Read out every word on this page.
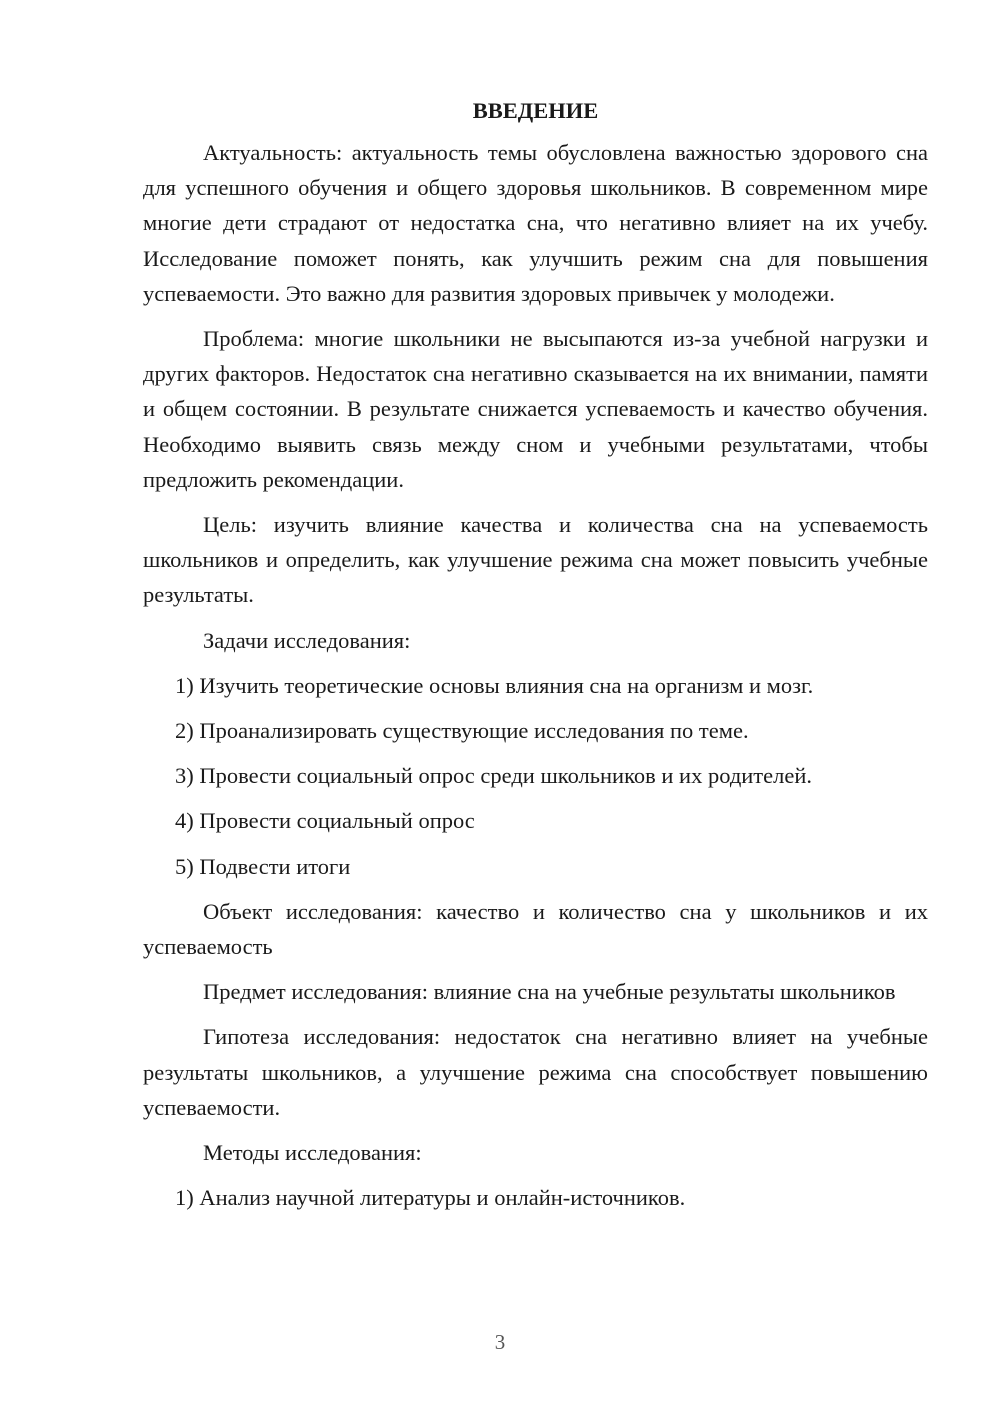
ВВЕДЕНИЕ

Актуальность: актуальность темы обусловлена важностью здорового сна для успешного обучения и общего здоровья школьников. В современном мире многие дети страдают от недостатка сна, что негативно влияет на их учебу. Исследование поможет понять, как улучшить режим сна для повышения успеваемости. Это важно для развития здоровых привычек у молодежи.

Проблема: многие школьники не высыпаются из-за учебной нагрузки и других факторов. Недостаток сна негативно сказывается на их внимании, памяти и общем состоянии. В результате снижается успеваемость и качество обучения. Необходимо выявить связь между сном и учебными результатами, чтобы предложить рекомендации.

Цель: изучить влияние качества и количества сна на успеваемость школьников и определить, как улучшение режима сна может повысить учебные результаты.

Задачи исследования:

1) Изучить теоретические основы влияния сна на организм и мозг.
2) Проанализировать существующие исследования по теме.
3) Провести социальный опрос среди школьников и их родителей.
4) Провести социальный опрос
5) Подвести итоги

Объект исследования: качество и количество сна у школьников и их успеваемость

Предмет исследования: влияние сна на учебные результаты школьников

Гипотеза исследования: недостаток сна негативно влияет на учебные результаты школьников, а улучшение режима сна способствует повышению успеваемости.

Методы исследования:

1) Анализ научной литературы и онлайн-источников.
3
